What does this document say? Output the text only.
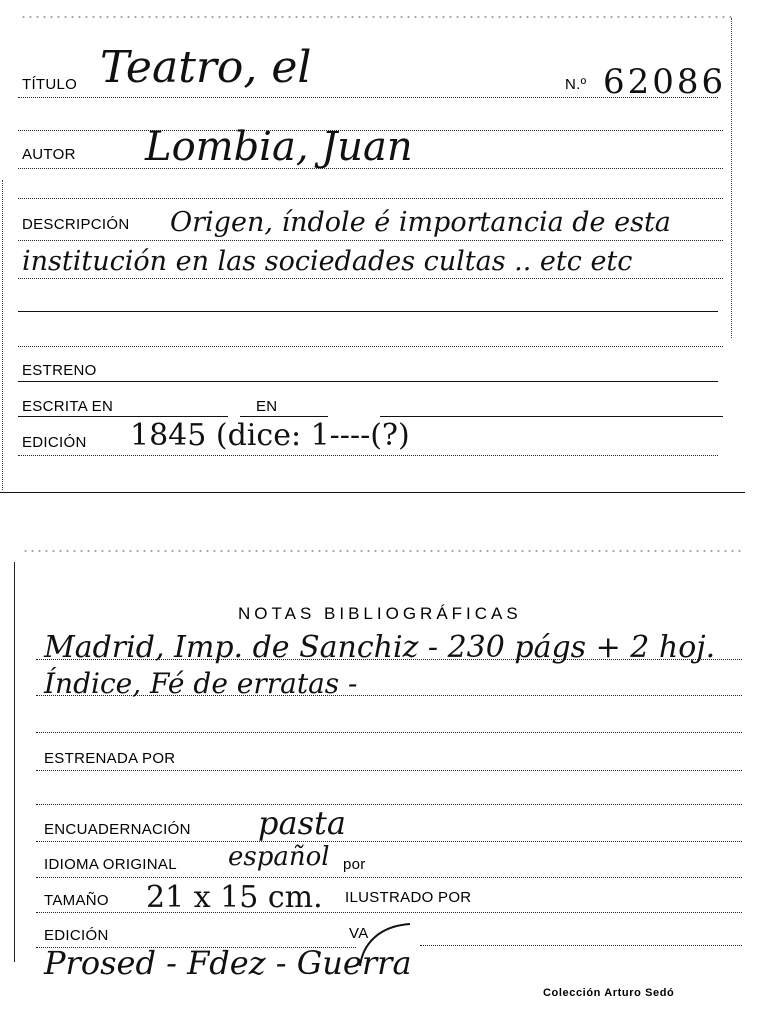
TÍTULO Teatro, el	N.º 62086
AUTOR Lombia, Juan
DESCRIPCIÓN Origen, índole é importancia de esta
institución en las sociedades cultas .. etc etc
ESTRENO
ESCRITA EN	EN
EDICIÓN 1845 (dice: 1----(?)
NOTAS BIBLIOGRÁFICAS
Madrid, Imp. de Sanchiz - 230 págs + 2 hoj.
Índice, Fé de erratas -
ESTRENADA POR
ENCUADERNACIÓN pasta
IDIOMA ORIGINAL español por
TAMAÑO 21 x 15 cm. ILUSTRADO POR
EDICIÓN	VA
Prosed - Fdez - Guerra
Colección Arturo Sedó
